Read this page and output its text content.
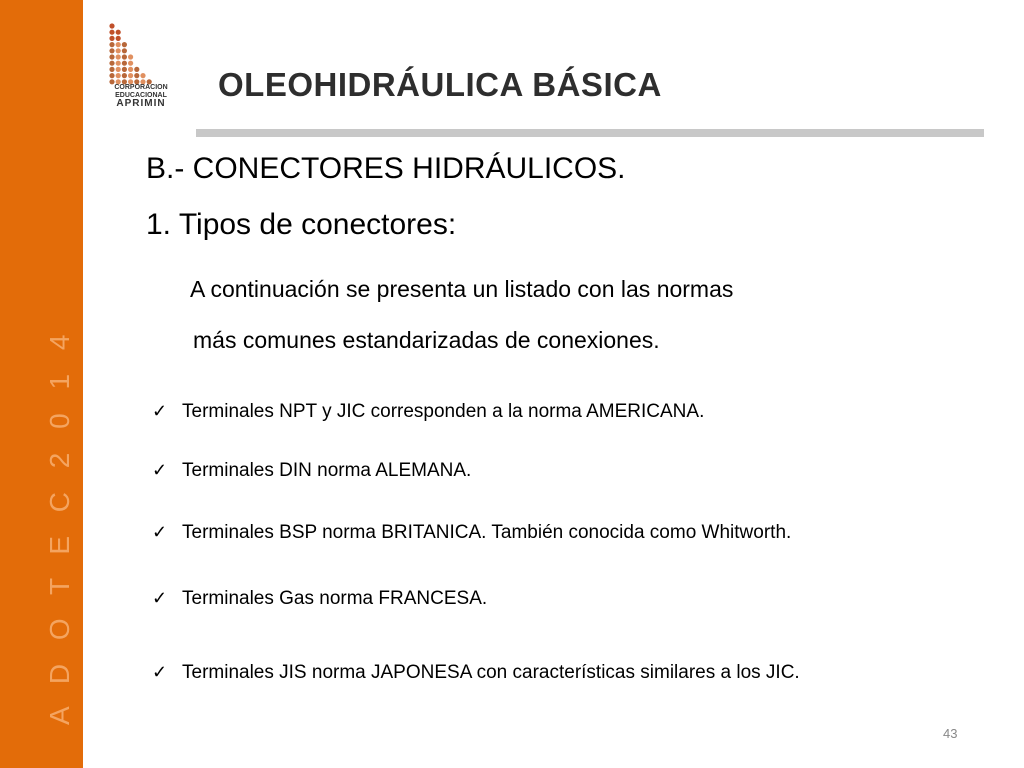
A D O T E C 2 0 1 4
CORPORACION
EDUCACIONAL
APRIMIN
OLEOHIDRÁULICA BÁSICA
B.- CONECTORES HIDRÁULICOS.
1. Tipos de conectores:
A continuación se presenta un listado con las normas
más comunes estandarizadas de conexiones.
✓ Terminales NPT y JIC corresponden a la norma AMERICANA.
✓ Terminales DIN norma ALEMANA.
✓ Terminales BSP norma BRITANICA. También conocida como Whitworth.
✓ Terminales Gas norma FRANCESA.
✓ Terminales JIS norma JAPONESA con características similares a los JIC.
43
